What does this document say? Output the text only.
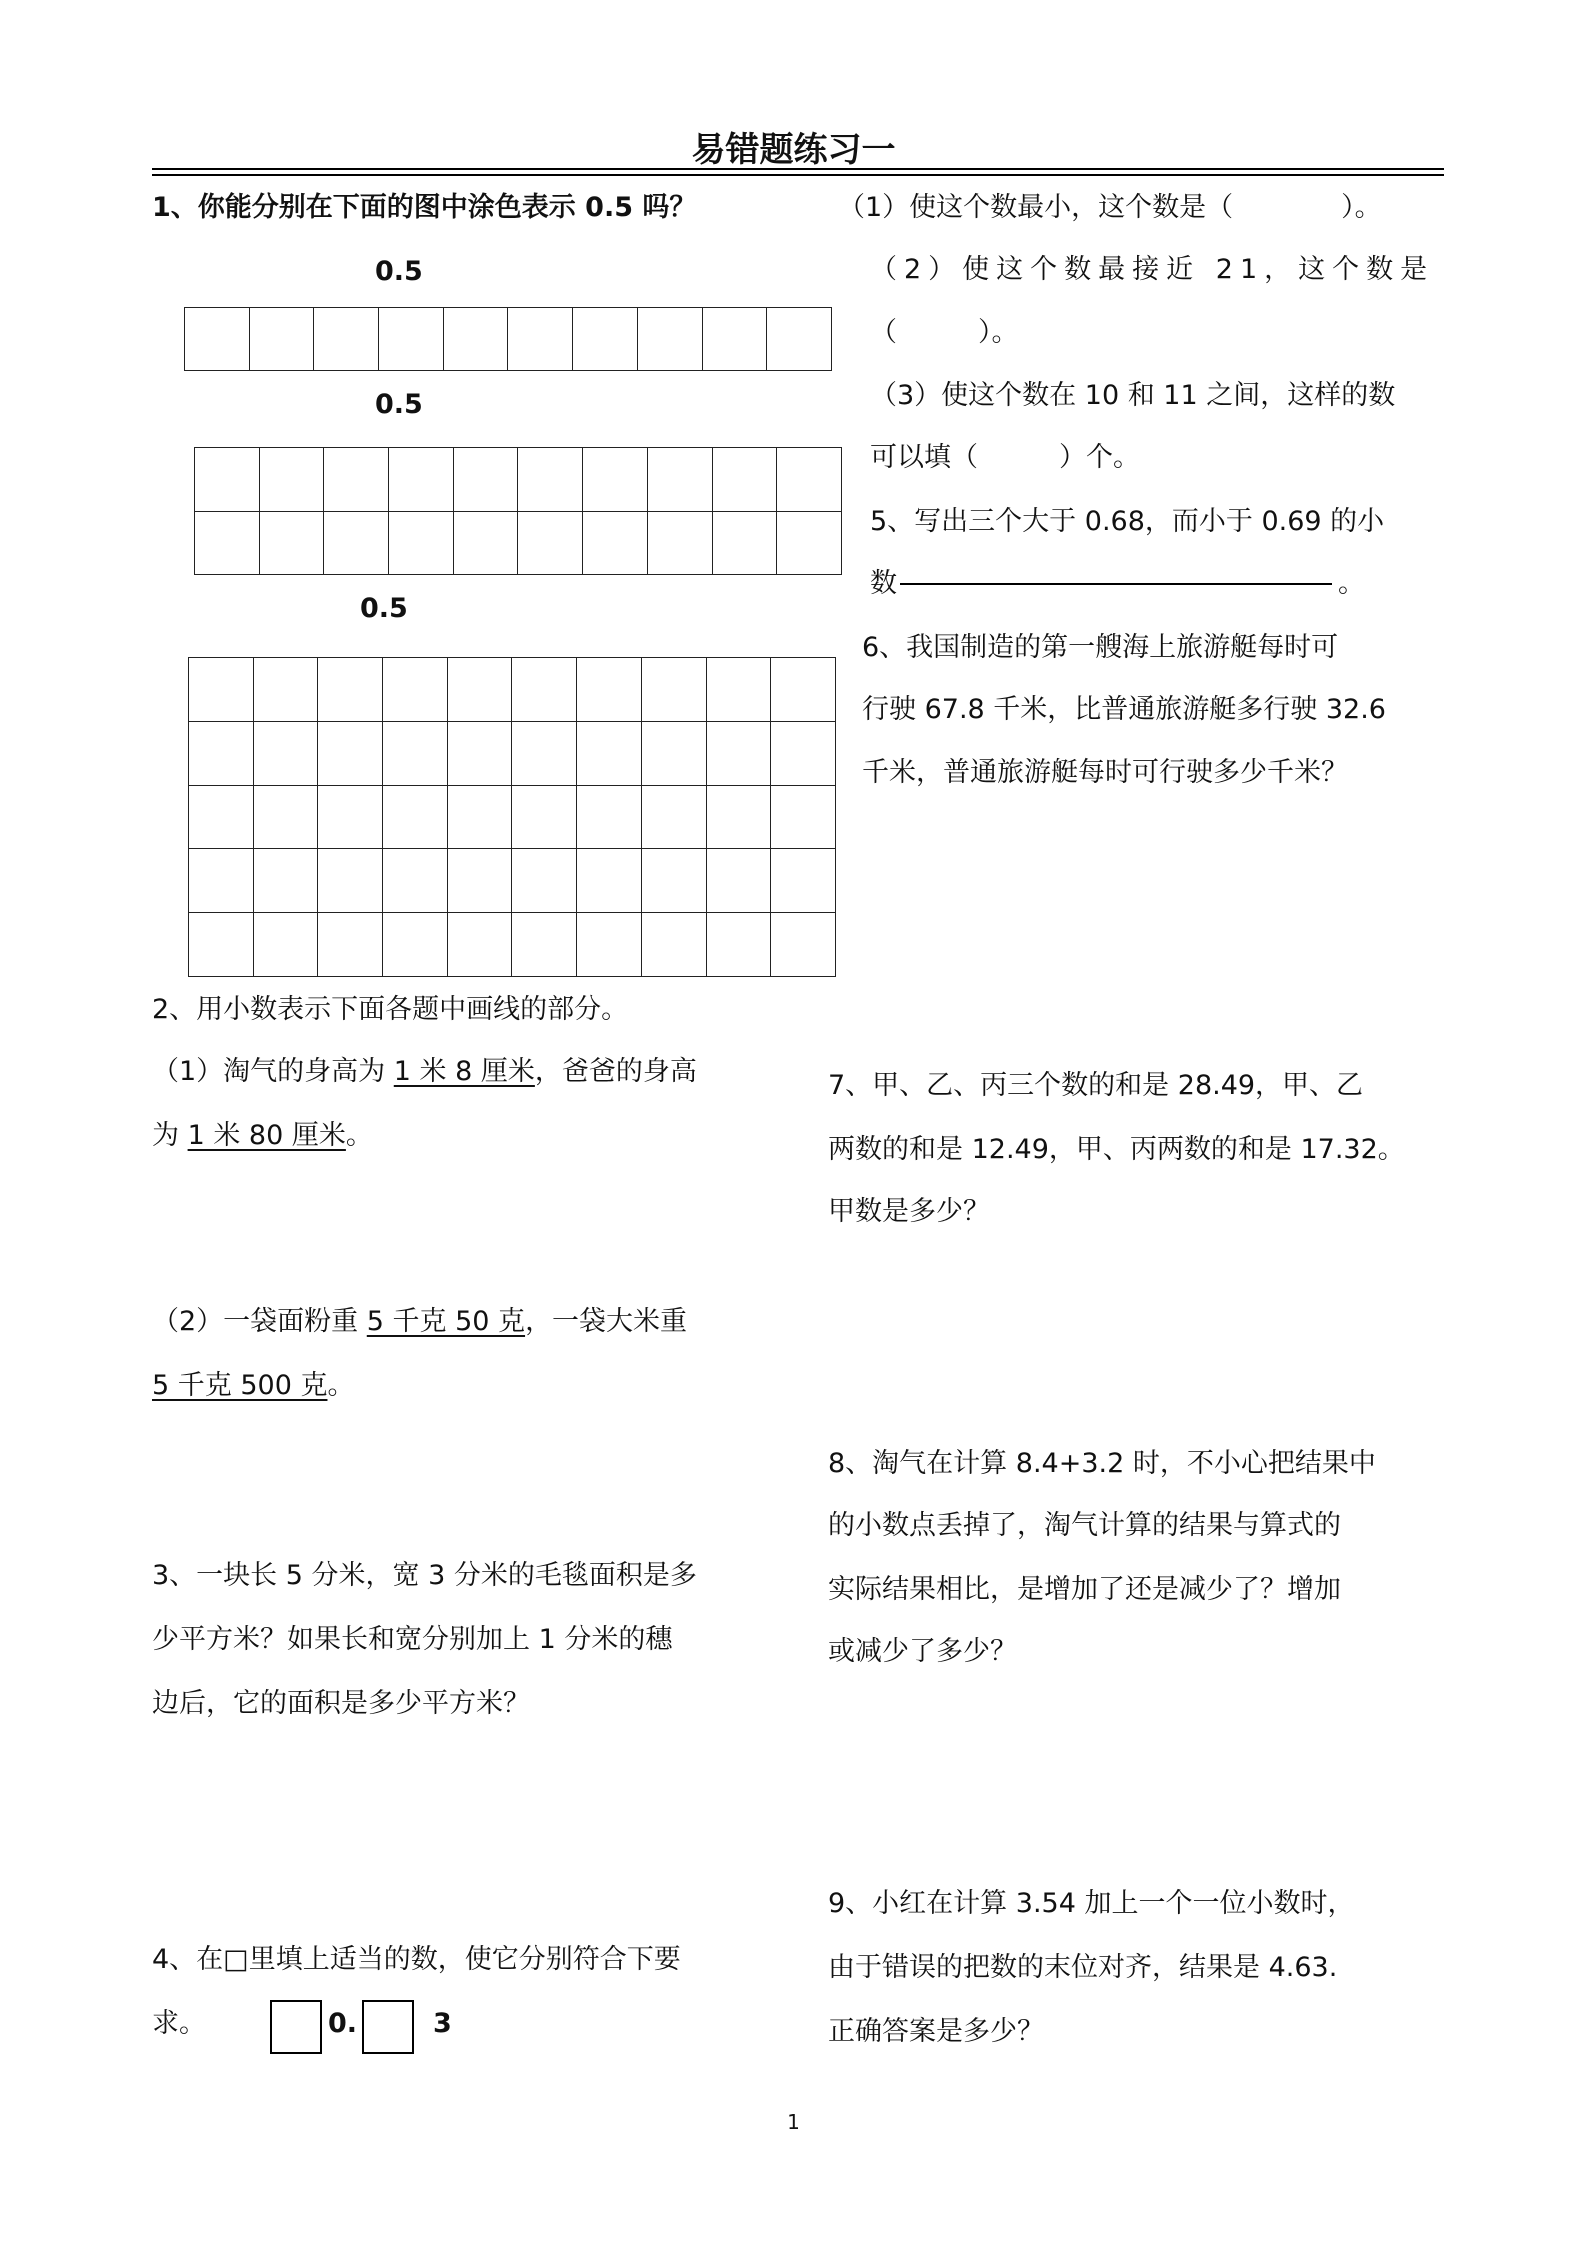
易错题练习一
1、你能分别在下面的图中涂色表示 0.5 吗？
0.5

0.5

0.5

2、用小数表示下面各题中画线的部分。
（1）淘气的身高为 1 米 8 厘米，爸爸的身高
为 1 米 80 厘米。
（2）一袋面粉重 5 千克 50 克，一袋大米重
5 千克 500 克。
3、一块长 5 分米，宽 3 分米的毛毯面积是多
少平方米？如果长和宽分别加上 1 分米的穗
边后，它的面积是多少平方米？
4、在□里填上适当的数，使它分别符合下要
求。	0.	3
（1）使这个数最小，这个数是（　　　　）。
（2）使这个数最接近 21，这个数是
（　　　）。
（3）使这个数在 10 和 11 之间，这样的数
可以填（　　　）个。
5、写出三个大于 0.68，而小于 0.69 的小
数	。
6、我国制造的第一艘海上旅游艇每时可
行驶 67.8 千米，比普通旅游艇多行驶 32.6
千米，普通旅游艇每时可行驶多少千米？
7、甲、乙、丙三个数的和是 28.49，甲、乙
两数的和是 12.49，甲、丙两数的和是 17.32。
甲数是多少？
8、淘气在计算 8.4+3.2 时，不小心把结果中
的小数点丢掉了，淘气计算的结果与算式的
实际结果相比，是增加了还是减少了？增加
或减少了多少？
9、小红在计算 3.54 加上一个一位小数时，
由于错误的把数的末位对齐，结果是 4.63.
正确答案是多少？
1
